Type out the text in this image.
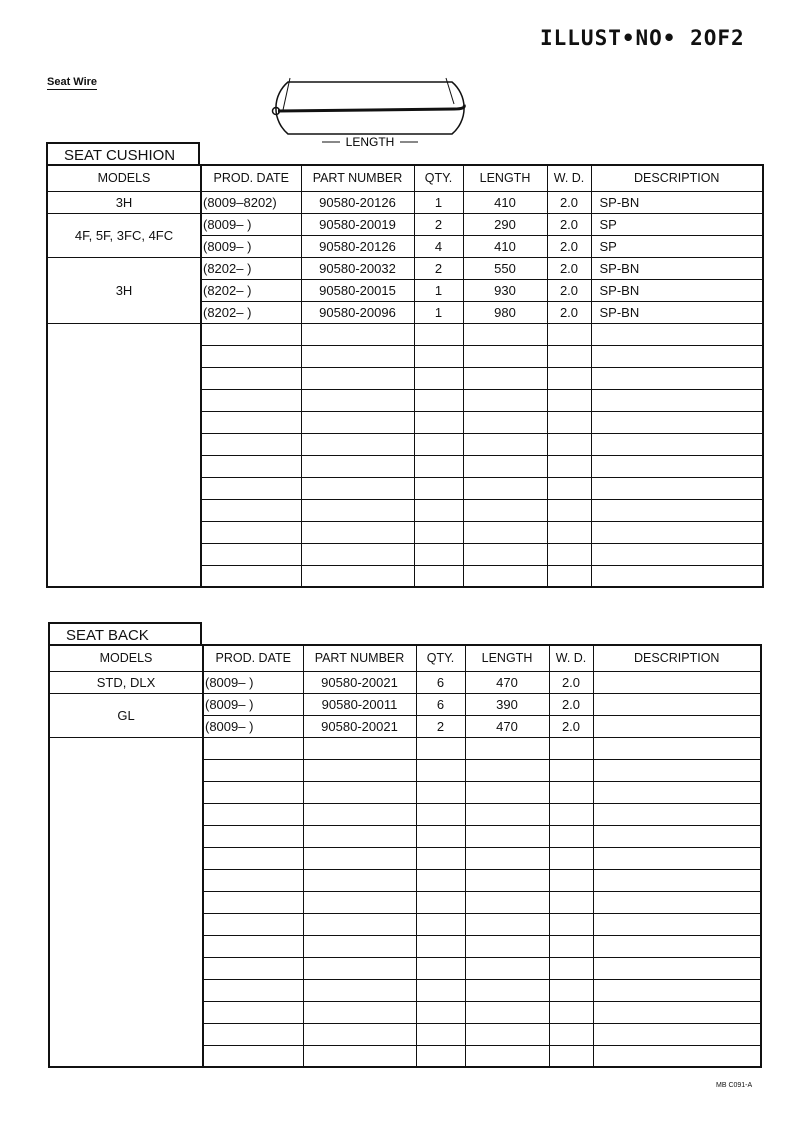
ILLUST•NO• 2OF2
Seat Wire
LENGTH
SEAT CUSHION
MODELS	PROD. DATE	PART NUMBER	QTY.	LENGTH	W. D.	DESCRIPTION
3H	(8009–8202)	90580-20126	1	410	2.0	SP-BN
4F, 5F, 3FC, 4FC	(8009– )	90580-20019	2	290	2.0	SP
	(8009– )	90580-20126	4	410	2.0	SP
3H	(8202– )	90580-20032	2	550	2.0	SP-BN
	(8202– )	90580-20015	1	930	2.0	SP-BN
	(8202– )	90580-20096	1	980	2.0	SP-BN

SEAT BACK
MODELS	PROD. DATE	PART NUMBER	QTY.	LENGTH	W. D.	DESCRIPTION
STD, DLX	(8009– )	90580-20021	6	470	2.0	
GL	(8009– )	90580-20011	6	390	2.0	
	(8009– )	90580-20021	2	470	2.0	

MB C091-A
